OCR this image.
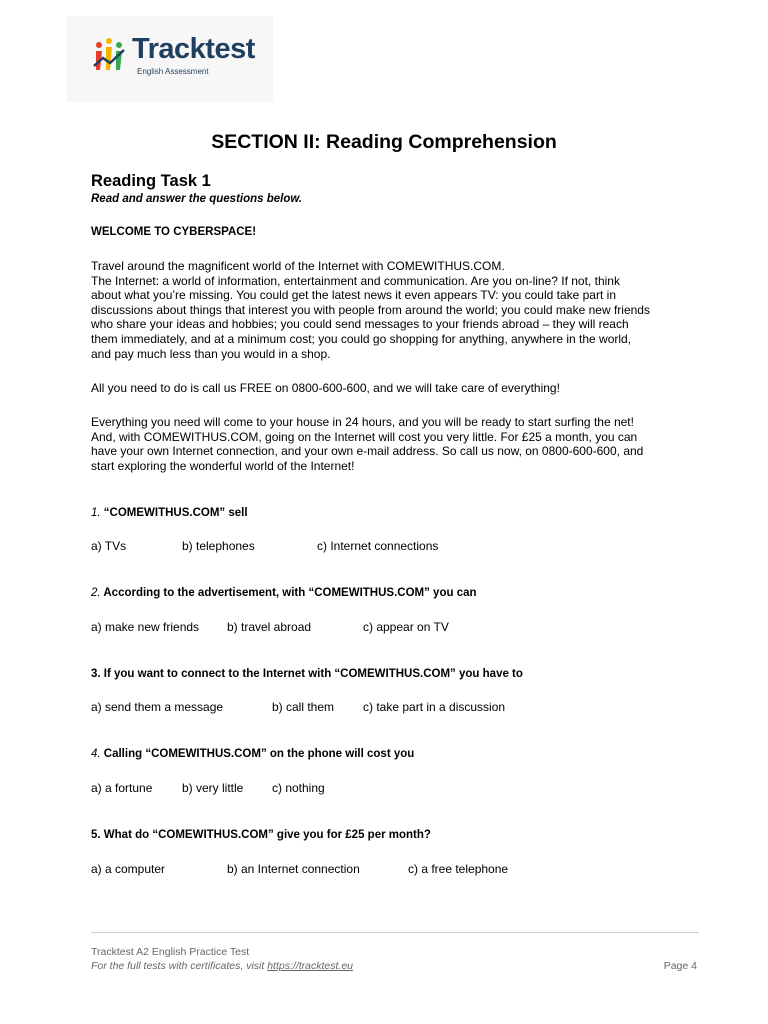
Tracktest
English Assessment
SECTION II: Reading Comprehension
Reading Task 1
Read and answer the questions below.
WELCOME TO CYBERSPACE!
Travel around the magnificent world of the Internet with COMEWITHUS.COM.
The Internet: a world of information, entertainment and communication. Are you on-line? If not, think
about what you’re missing. You could get the latest news it even appears TV: you could take part in
discussions about things that interest you with people from around the world; you could make new friends
who share your ideas and hobbies; you could send messages to your friends abroad – they will reach
them immediately, and at a minimum cost; you could go shopping for anything, anywhere in the world,
and pay much less than you would in a shop.
All you need to do is call us FREE on 0800-600-600, and we will take care of everything!
Everything you need will come to your house in 24 hours, and you will be ready to start surfing the net!
And, with COMEWITHUS.COM, going on the Internet will cost you very little. For £25 a month, you can
have your own Internet connection, and your own e-mail address. So call us now, on 0800-600-600, and
start exploring the wonderful world of the Internet!
1. “COMEWITHUS.COM” sell
a) TVs	b) telephones	c) Internet connections
2. According to the advertisement, with “COMEWITHUS.COM” you can
a) make new friends b) travel abroad	c) appear on TV
3. If you want to connect to the Internet with “COMEWITHUS.COM” you have to
a) send them a message	b) call them c) take part in a discussion
4. Calling “COMEWITHUS.COM” on the phone will cost you
a) a fortune b) very little c) nothing
5. What do “COMEWITHUS.COM” give you for £25 per month?
a) a computer	b) an Internet connection	c) a free telephone
Tracktest A2 English Practice Test
For the full tests with certificates, visit https://tracktest.eu	Page 4
